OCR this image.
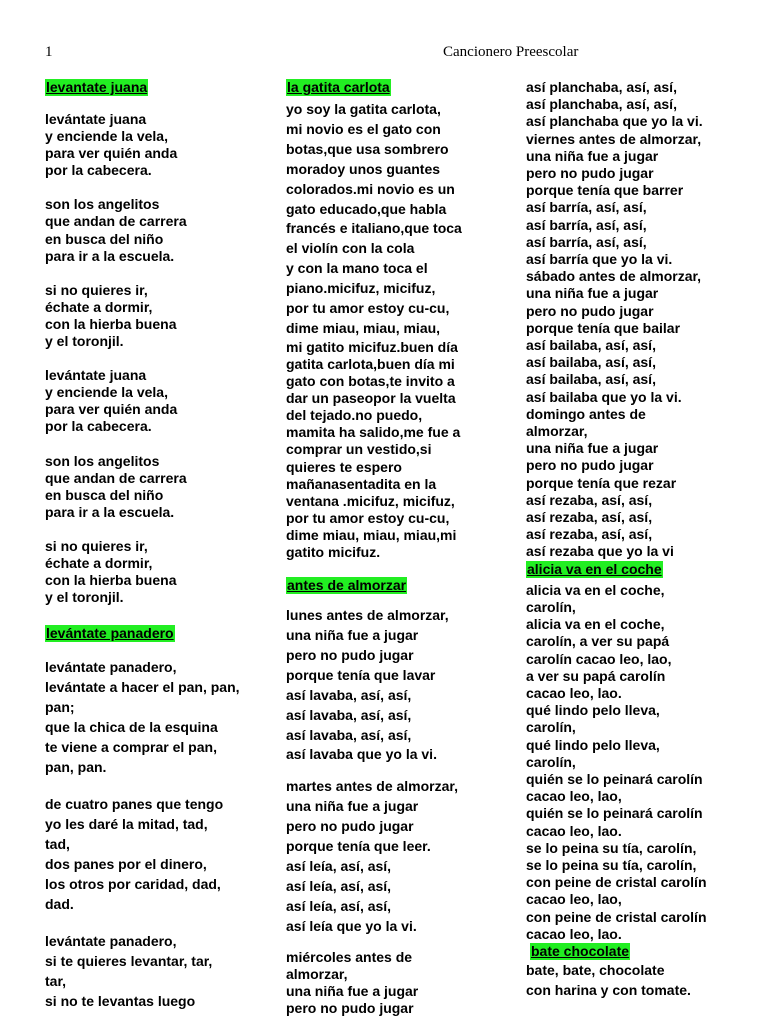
1	Cancionero Preescolar
levantate juana
levántate juana
y enciende la vela,
para ver quién anda
por la cabecera.
son los angelitos
que andan de carrera
en busca del niño
para ir a la escuela.
si no quieres ir,
échate a dormir,
con la hierba buena
y el toronjil.
levántate juana
y enciende la vela,
para ver quién anda
por la cabecera.
son los angelitos
que andan de carrera
en busca del niño
para ir a la escuela.
si no quieres ir,
échate a dormir,
con la hierba buena
y el toronjil.
levántate panadero
levántate panadero,
levántate a hacer el pan, pan,
pan;
que la chica de la esquina
te viene a comprar el pan,
pan, pan.
de cuatro panes que tengo
yo les daré la mitad, tad,
tad,
dos panes por el dinero,
los otros por caridad, dad,
dad.
levántate panadero,
si te quieres levantar, tar,
tar,
si no te levantas luego
la gatita carlota
yo soy la gatita carlota,
mi novio es el gato con
botas,que usa sombrero
moradoy unos guantes
colorados.mi novio es un
gato educado,que habla
francés e italiano,que toca
el violín con la cola
y con la mano toca el
piano.micifuz, micifuz,
por tu amor estoy cu-cu,
dime miau, miau, miau,
mi gatito micifuz.buen día
gatita carlota,buen día mi
gato con botas,te invito a
dar un paseopor la vuelta
del tejado.no puedo,
mamita ha salido,me fue a
comprar un vestido,si
quieres te espero
mañanasentadita en la
ventana .micifuz, micifuz,
por tu amor estoy cu-cu,
dime miau, miau, miau,mi
gatito micifuz.
antes de almorzar
lunes antes de almorzar,
una niña fue a jugar
pero no pudo jugar
porque tenía que lavar
así lavaba, así, así,
así lavaba, así, así,
así lavaba, así, así,
así lavaba que yo la vi.
martes antes de almorzar,
una niña fue a jugar
pero no pudo jugar
porque tenía que leer.
así leía, así, así,
así leía, así, así,
así leía, así, así,
así leía que yo la vi.
miércoles antes de
almorzar,
una niña fue a jugar
pero no pudo jugar
así planchaba, así, así,
así planchaba, así, así,
así planchaba que yo la vi.
viernes antes de almorzar,
una niña fue a jugar
pero no pudo jugar
porque tenía que barrer
así barría, así, así,
así barría, así, así,
así barría, así, así,
así barría que yo la vi.
sábado antes de almorzar,
una niña fue a jugar
pero no pudo jugar
porque tenía que bailar
así bailaba, así, así,
así bailaba, así, así,
así bailaba, así, así,
así bailaba que yo la vi.
domingo antes de
almorzar,
una niña fue a jugar
pero no pudo jugar
porque tenía que rezar
así rezaba, así, así,
así rezaba, así, así,
así rezaba, así, así,
así rezaba que yo la vi
alicia va en el coche
alicia va en el coche,
carolín,
alicia va en el coche,
carolín, a ver su papá
carolín cacao leo, lao,
a ver su papá carolín
cacao leo, lao.
qué lindo pelo lleva,
carolín,
qué lindo pelo lleva,
carolín,
quién se lo peinará carolín
cacao leo, lao,
quién se lo peinará carolín
cacao leo, lao.
se lo peina su tía, carolín,
se lo peina su tía, carolín,
con peine de cristal carolín
cacao leo, lao,
con peine de cristal carolín
cacao leo, lao.
bate chocolate
bate, bate, chocolate
con harina y con tomate.
